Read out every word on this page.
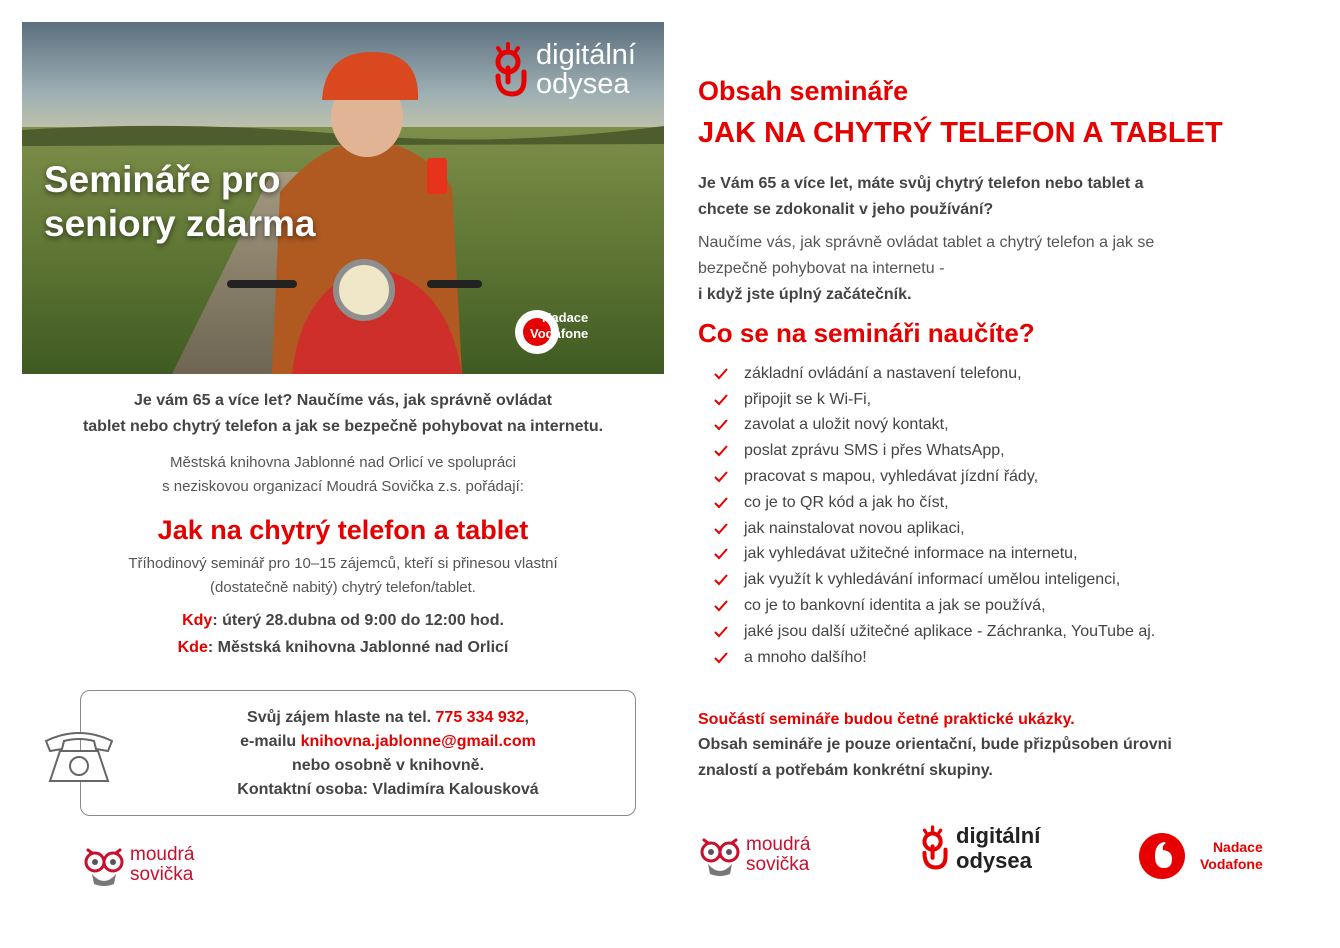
Semináře pro
seniory zdarma
digitální
odysea
Nadace
Vodafone
Je vám 65 a více let? Naučíme vás, jak správně ovládat
tablet nebo chytrý telefon a jak se bezpečně pohybovat na internetu.
Městská knihovna Jablonné nad Orlicí ve spolupráci
s neziskovou organizací Moudrá Sovička z.s. pořádají:
Jak na chytrý telefon a tablet
Tříhodinový seminář pro 10–15 zájemců, kteří si přinesou vlastní
(dostatečně nabitý) chytrý telefon/tablet.
Kdy: úterý 28.dubna od 9:00 do 12:00 hod.
Kde: Městská knihovna Jablonné nad Orlicí
Svůj zájem hlaste na tel. 775 334 932,
e-mailu knihovna.jablonne@gmail.com
nebo osobně v knihovně.
Kontaktní osoba: Vladimíra Kalousková
moudrá
sovička
Obsah semináře
JAK NA CHYTRÝ TELEFON A TABLET
Je Vám 65 a více let, máte svůj chytrý telefon nebo tablet a
chcete se zdokonalit v jeho používání?
Naučíme vás, jak správně ovládat tablet a chytrý telefon a jak se
bezpečně pohybovat na internetu -
i když jste úplný začátečník.
Co se na semináři naučíte?
základní ovládání a nastavení telefonu,
připojit se k Wi-Fi,
zavolat a uložit nový kontakt,
poslat zprávu SMS i přes WhatsApp,
pracovat s mapou, vyhledávat jízdní řády,
co je to QR kód a jak ho číst,
jak nainstalovat novou aplikaci,
jak vyhledávat užitečné informace na internetu,
jak využít k vyhledávání informací umělou inteligenci,
co je to bankovní identita a jak se používá,
jaké jsou další užitečné aplikace - Záchranka, YouTube aj.
a mnoho dalšího!
Součástí semináře budou četné praktické ukázky.
Obsah semináře je pouze orientační, bude přizpůsoben úrovni
znalostí a potřebám konkrétní skupiny.
moudrá
sovička
digitální
odysea
Nadace
Vodafone
